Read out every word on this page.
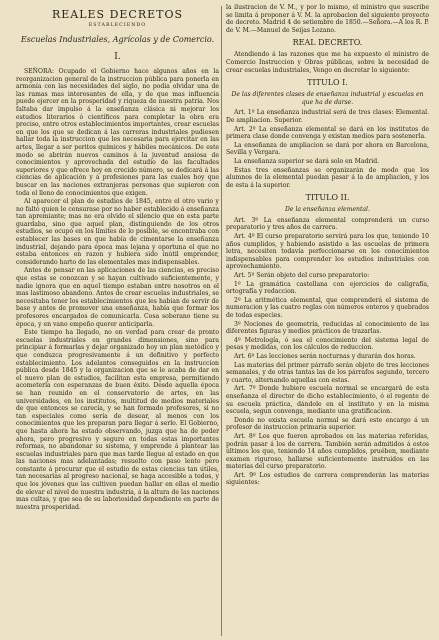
REALES DECRETOS
ESTABLECIENDO
Escuelas Industriales, Agrícolas y de Comercio.
I.

SEÑORA: Ocupado el Gobierno hace algunos años en la reorganizacion general de la instruccion pública para ponerla en armonía con las necesidades del siglo, no podia olvidar una de las ramas mas interesantes de ella, y de que mas influencia puede ejercer en la prosperidad y riqueza de nuestra patria. Nos faltaba dar impulso á la enseñanza clásica ni mejorar los estudios literarios ó científicos para completar la obra era preciso, entre otros establecimientos importantes, crear escuelas en que los que se dedican á las carreras industriales pudiesen hallar toda la instruccion que les necesaria para ejercitar en las artes, llegar a ser peritos químicos y hábiles mecánicos. De este modo se abrirán nuevos caminos á la juventud ansiosa de conocimientos y aprovechada del estudio de las facultades superiores y que ofrece hoy en crecido número, se dedicará á las ciencias de aplicación y á profesiones para las cuales hoy que buscar en las naciones extranjeras personas que supieron con toda el lleno de conocimientos que exigen.

Al aparecer el plan de estudios de 1845, entre el otro vario y no faltó quien le censurase por no haber establecido á enseñanza tan apremiante; mas no era olvido el silencio que en esta parte guardaba, sino que aquel plan, distinguiendo de los otros estudios, se ocupó en los límites de lo posible, se encontraba con establecer las bases en que había de cimentarse la enseñanza industrial, dejando para época mas lejana y oportuna el que no estaba entonces en razon y hubiera sido inútil emprender, considerando harto de las elementales mas indispensables.

Antes de pensar en las aplicaciones de las ciencias, es preciso que estas se conozcan y se hayan cultivado suficientemente, y nadie ignora que en aquel tiempo estaban entre nosotros en el mas lastimoso abandono. Antes de crear escuelas industriales, se necesitaba tener los establecimientos que les habian de servir de base y antes de promover una enseñanza, había que formar los profesores encargados de comunicarla. Cosa soberano tiene su época, y en vano empeño querer anticiparla.

Este tiempo ha llegado, no en verdad para crear de pronto escuelas industriales en grandes dimensiones, sino para principiar á formarlas y dejar organizado hoy un plan metódico y que conduzca progresivamente á un definitivo y perfecto establecimiento. Los adelantos conseguidos en la instruccion pública desde 1845 y la organizacion que se le acaba de dar en el nuevo plan de estudios, facilitan esta empresa, permitiendo acometerla con esperanzas de buen éxito. Desde aquella época se han reunido en el conservatorio de artes, en las universidades, en los institutos, multitud de medios materiales de que entonces se carecía, y se han formado profesores, si no tan especiales como sería de desear, al menos con los conocimientos que les preparan para llegar á serlo. El Gobierno, que hasta ahora ha estado observando, juzga que ha de poder ahora, pero progresivo y seguro en todas estas importantes reformas, no abandonar su sistema, y emprende á plantear las escuelas industriales para que mas tarde llegue al estado en que las naciones mas adelantadas; resuelto con paso lento pero constante á procurar que el estudio de estas ciencias tan útiles, tan necesarias al progreso nacional, se haga accesible a todos, y que los jóvenes que las cultiven puedan hallar en ellas el medio de elevar el nivel de nuestra industria, á la altura de las naciones mas cultas, y que sea de su laboriosidad dependiente en parte de nuestra prosperidad.

la ilustracion de V. M., y por lo mismo, el ministro que suscribe se limita á proponer á V. M. la aprobacion del siguiente proyecto de decreto. Madrid 4 de setiembre de 1850.—Señora.—A los R. P. de V. M.—Manuel de Seijas Lozano.

REAL DECRETO.

Atendiendo á las razones que me ha expuesto el ministro de Comercio Instruccion y Obras públicas, sobre la necesidad de crear escuelas industriales, Vengo en decretar lo siguiente:

TITULO I.
De las diferentes clases de enseñanza industrial y escuelas en que ha de darse.

Art. 1º La enseñanza industrial será de tres clases: Elemental. De ampliacion. Superior.

Art. 2º La enseñanza elemental se dará en los institutos de primera clase donde convenga y existan medios para sostenerla.

La enseñanza de ampliacion se dará por ahora en Barcelona, Sevilla y Vergara.

La enseñanza superior se dará solo en Madrid.

Estas tres enseñanzas se organizarán de modo que los alumnos de la elemental puedan pasar á la de ampliacion, y los de esta á la superior.

TITULO II.
De la enseñanza elemental.

Art. 3º La enseñanza elemental comprenderá un curso preparatorio y tres años de carrera.

Art. 4º El curso preparatorio servirá para los que, teniendo 10 años cumplidos, y habiendo asistido a las escuelas de primera letra, necesiten todavía perfeccionarse en los conocimientos indispensables para comprender los estudios industriales con aprovechamiento.

Art. 5º Serán objeto del curso preparatorio:

1º La gramática castellana con ejercicios de caligrafía, ortografía y redaccion.

2º La aritmética elemental, que comprenderá el sistema de numeracion y las cuatro reglas con números enteros y quebrados de todas especies.

3º Nociones de geometría, reducidas al conocimiento de las diferentes figuras y medios prácticos de trazarlas.

4º Metrología, ó sea el conocimiento del sistema legal de pesas y medidas, con los cálculos de reduccion.

Art. 6º Las lecciones serán nocturnas y durarán dos horas.

Las materias del primer párrafo serán objeto de tres lecciones semanales, y de otras tantas las de los párrafos segundo, tercero y cuarto, alternando aquellas con estas.

Art. 7º Donde hubiere escuela normal se encargará de esta enseñanza el director de dicho establecimiento, ó el regente de su escuela práctica, dándole en el instituto y en la misma escuela, segun convenga, mediante una gratificacion.

Donde no exista escuela normal se dará este encargo á un profesor de instruccion primaria superior.

Art. 8º Los que fueren aprobados en las materias referidas, podrán pasar á los de carrera. También serán admitidos á estos últimos los que, teniendo 14 años cumplidos, pruében, mediante examen riguroso, hallarse suficientemente instruidos en las materias del curso preparatorio.

Art. 9º Los estudios de carrera comprenderán las materias siguientes:
